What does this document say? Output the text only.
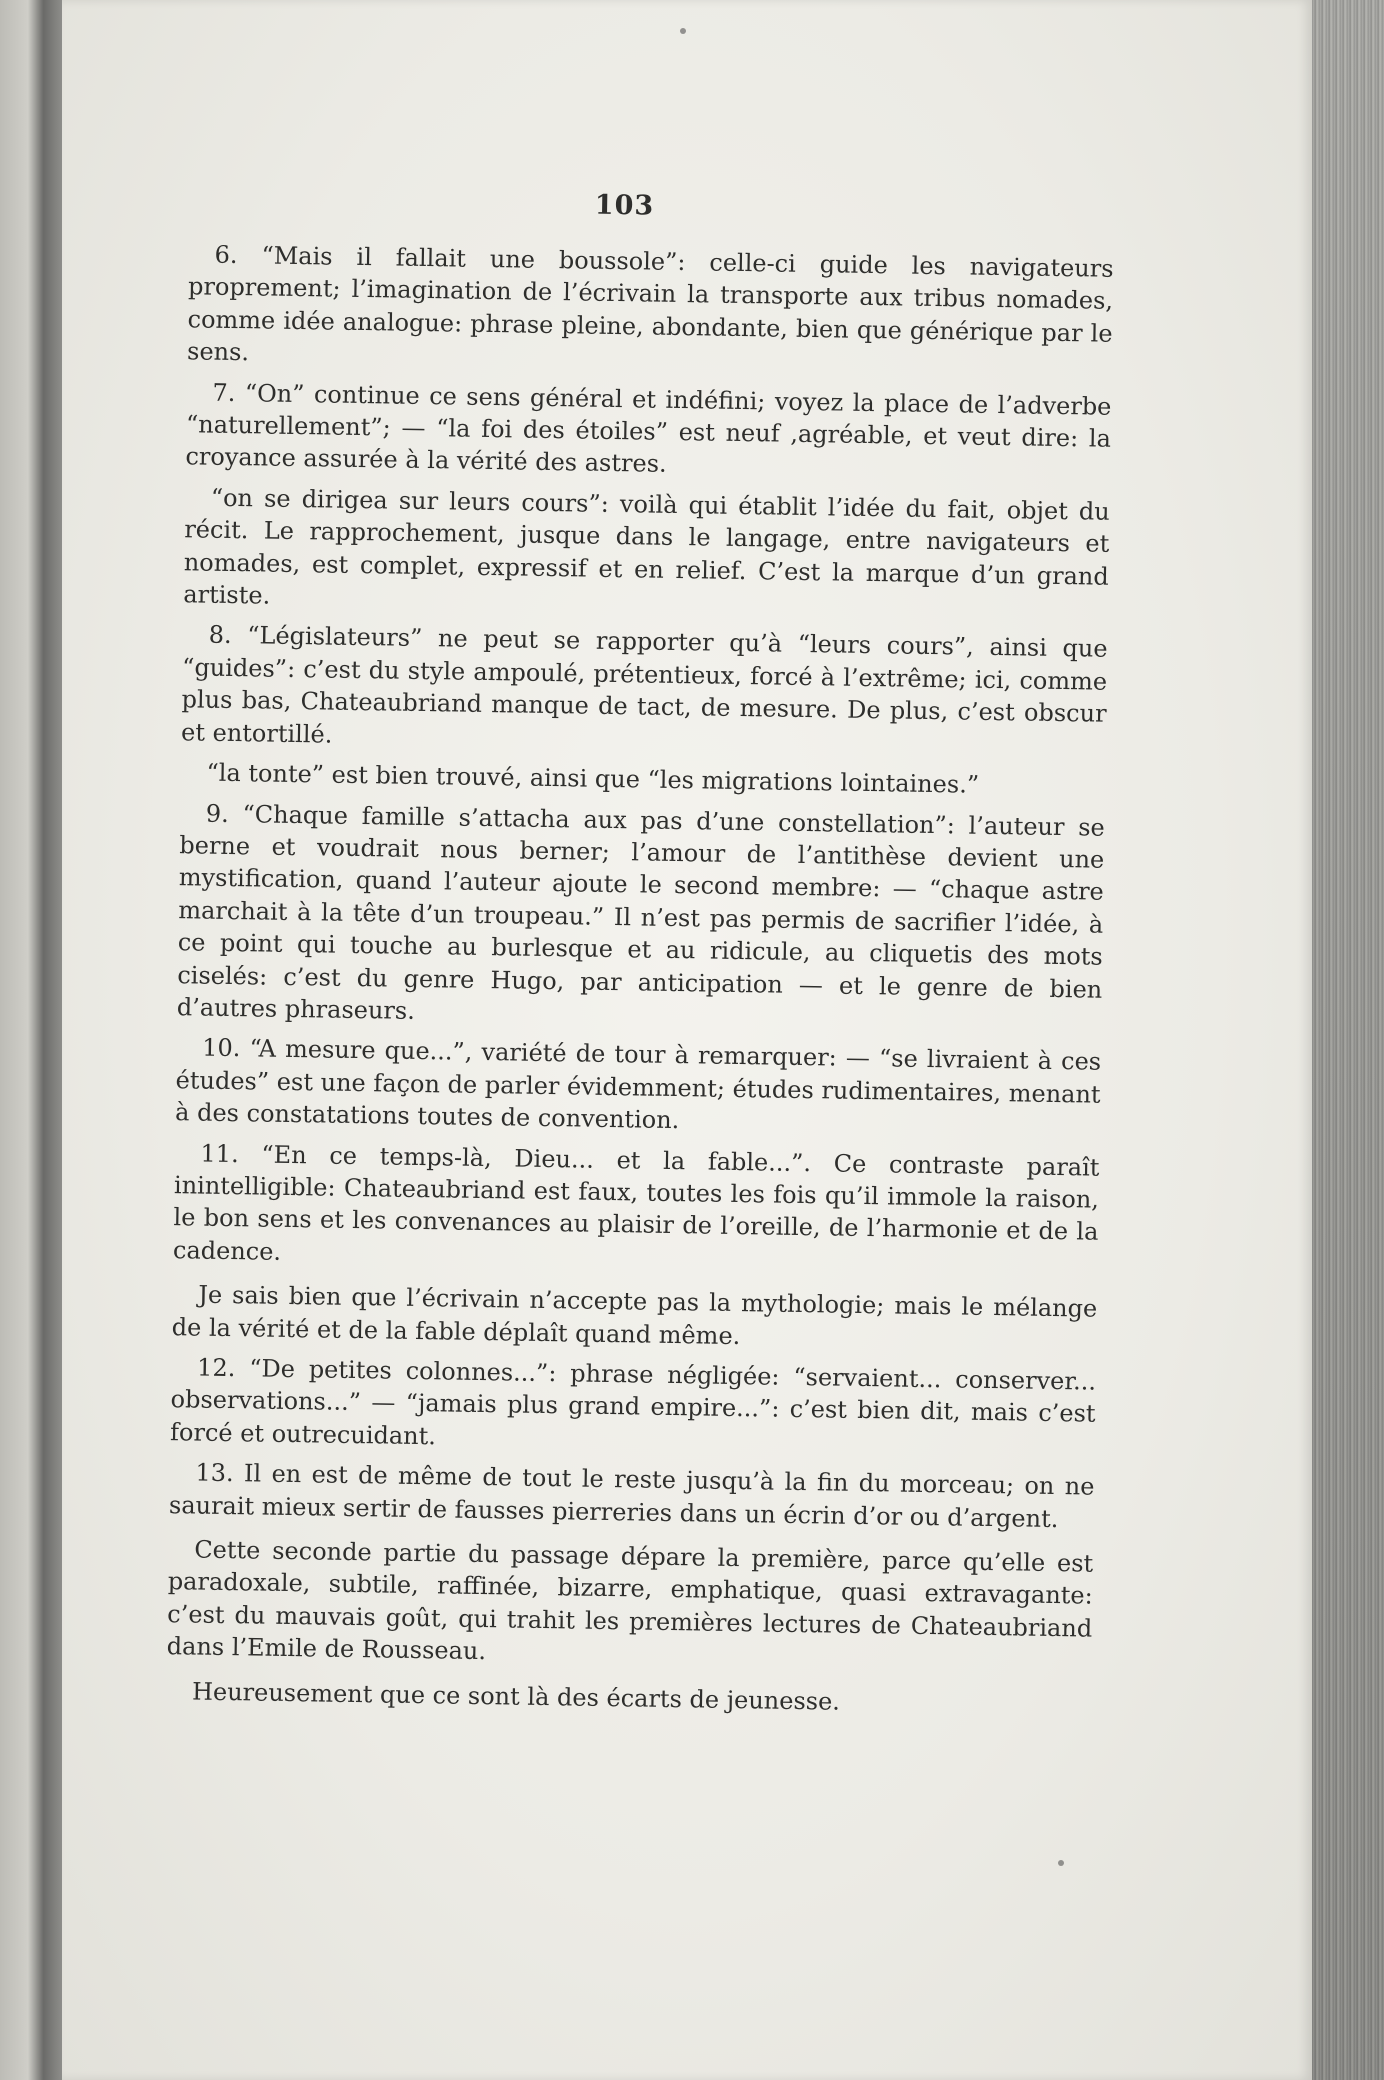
103

6. “Mais il fallait une boussole”: celle-ci guide les navigateurs proprement; l’imagination de l’écrivain la transporte aux tribus nomades, comme idée analogue: phrase pleine, abondante, bien que générique par le sens.

7. “On” continue ce sens général et indéfini; voyez la place de l’adverbe “naturellement”; — “la foi des étoiles” est neuf ,agréable, et veut dire: la croyance assurée à la vérité des astres.

“on se dirigea sur leurs cours”: voilà qui établit l’idée du fait, objet du récit. Le rapprochement, jusque dans le langage, entre navigateurs et nomades, est complet, expressif et en relief. C’est la marque d’un grand artiste.

8. “Législateurs” ne peut se rapporter qu’à “leurs cours”, ainsi que “guides”: c’est du style ampoulé, prétentieux, forcé à l’extrême; ici, comme plus bas, Chateaubriand manque de tact, de mesure. De plus, c’est obscur et entortillé.

“la tonte” est bien trouvé, ainsi que “les migrations lointaines.”

9. “Chaque famille s’attacha aux pas d’une constellation”: l’auteur se berne et voudrait nous berner; l’amour de l’antithèse devient une mystification, quand l’auteur ajoute le second membre: — “chaque astre marchait à la tête d’un troupeau.” Il n’est pas permis de sacrifier l’idée, à ce point qui touche au burlesque et au ridicule, au cliquetis des mots ciselés: c’est du genre Hugo, par anticipation — et le genre de bien d’autres phraseurs.

10. “A mesure que...”, variété de tour à remarquer: — “se livraient à ces études” est une façon de parler évidemment; études rudimentaires, menant à des constatations toutes de convention.

11. “En ce temps-là, Dieu... et la fable...”. Ce contraste paraît inintelligible: Chateaubriand est faux, toutes les fois qu’il immole la raison, le bon sens et les convenances au plaisir de l’oreille, de l’harmonie et de la cadence.

Je sais bien que l’écrivain n’accepte pas la mythologie; mais le mélange de la vérité et de la fable déplaît quand même.

12. “De petites colonnes...”: phrase négligée: “servaient... conserver... observations...” — “jamais plus grand empire...”: c’est bien dit, mais c’est forcé et outrecuidant.

13. Il en est de même de tout le reste jusqu’à la fin du morceau; on ne saurait mieux sertir de fausses pierreries dans un écrin d’or ou d’argent.

Cette seconde partie du passage dépare la première, parce qu’elle est paradoxale, subtile, raffinée, bizarre, emphatique, quasi extravagante: c’est du mauvais goût, qui trahit les premières lectures de Chateaubriand dans l’Emile de Rousseau.

Heureusement que ce sont là des écarts de jeunesse.
